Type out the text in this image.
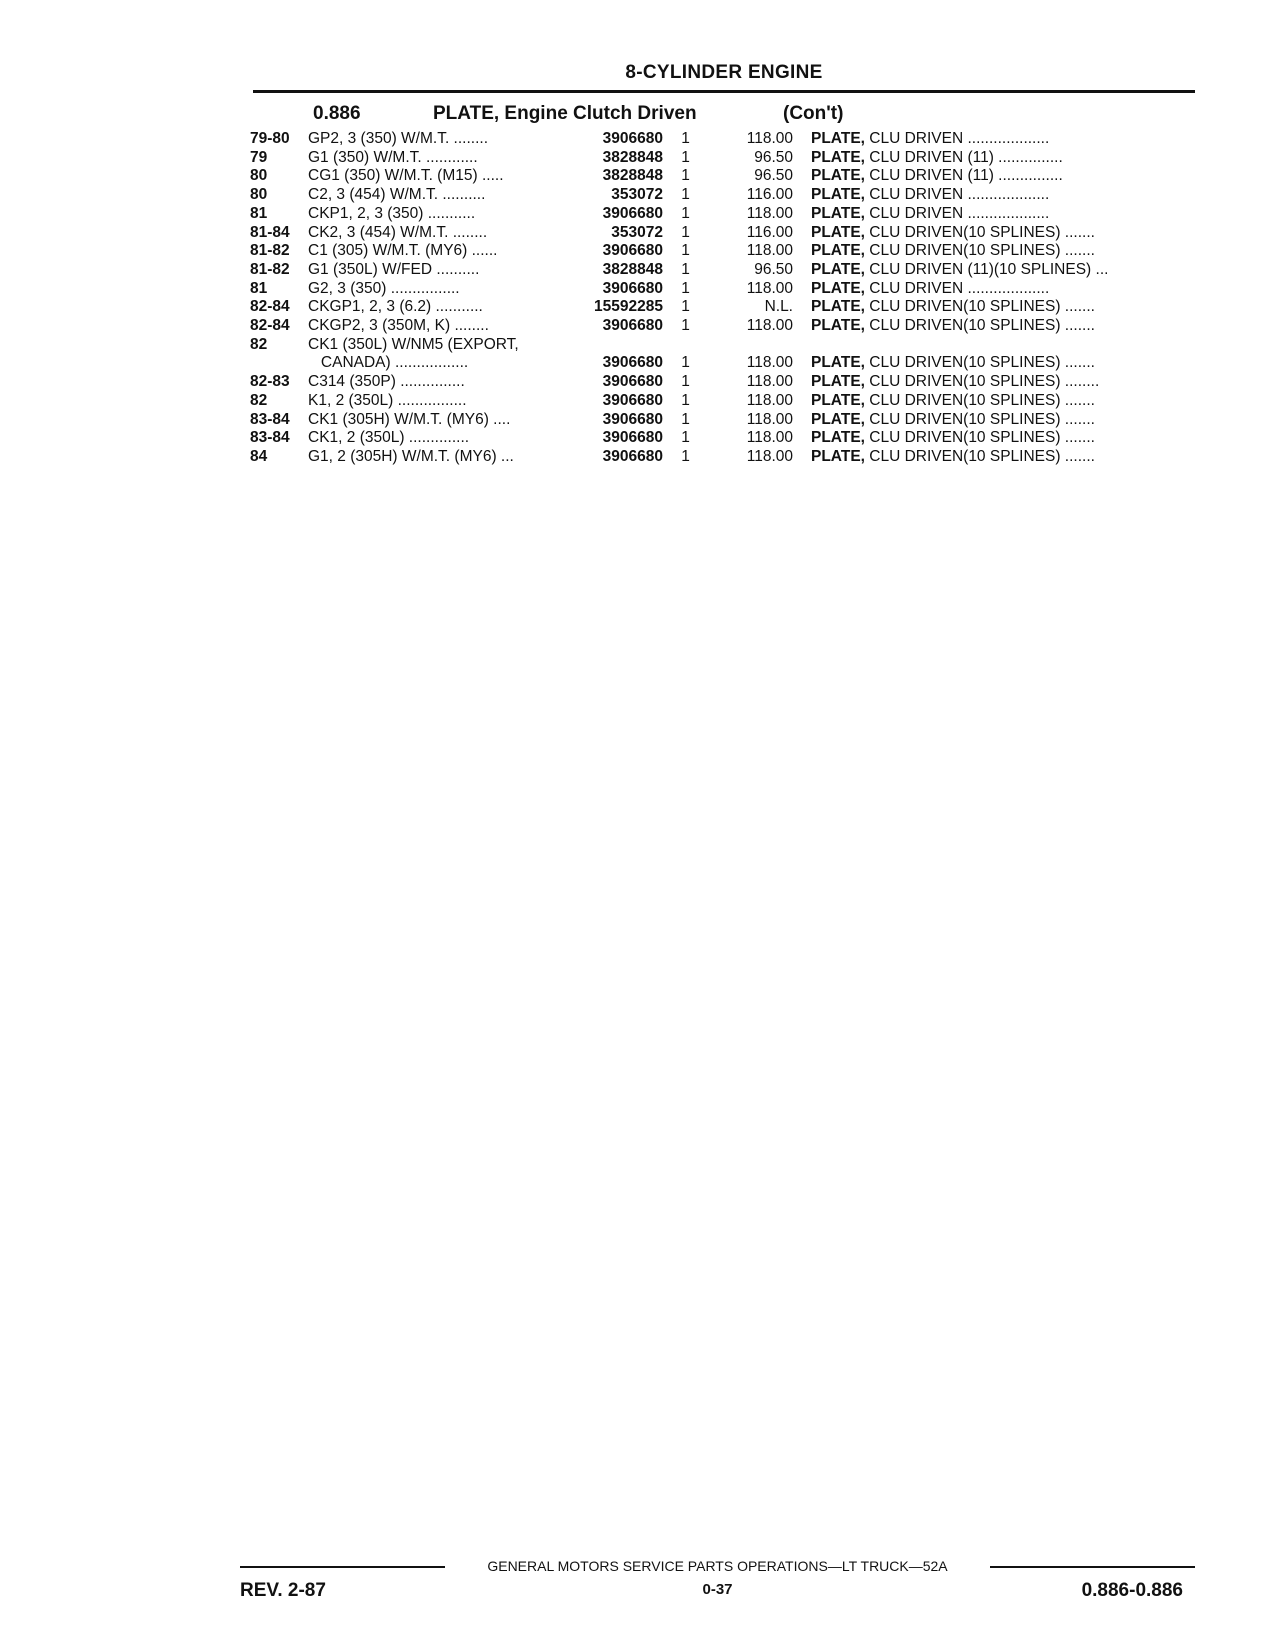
8-CYLINDER ENGINE
0.886	PLATE, Engine Clutch Driven	(Con't)
79-80	GP2, 3 (350) W/M.T. ........	3906680	1	118.00	PLATE, CLU DRIVEN ...................
79	G1 (350) W/M.T. ............	3828848	1	96.50	PLATE, CLU DRIVEN (11) ...............
80	CG1 (350) W/M.T. (M15) .....	3828848	1	96.50	PLATE, CLU DRIVEN (11) ...............
80	C2, 3 (454) W/M.T. ..........	353072	1	116.00	PLATE, CLU DRIVEN ...................
81	CKP1, 2, 3 (350) ...........	3906680	1	118.00	PLATE, CLU DRIVEN ...................
81-84	CK2, 3 (454) W/M.T. ........	353072	1	116.00	PLATE, CLU DRIVEN(10 SPLINES) .......
81-82	C1 (305) W/M.T. (MY6) ......	3906680	1	118.00	PLATE, CLU DRIVEN(10 SPLINES) .......
81-82	G1 (350L) W/FED ..........	3828848	1	96.50	PLATE, CLU DRIVEN (11)(10 SPLINES) ...
81	G2, 3 (350) ................	3906680	1	118.00	PLATE, CLU DRIVEN ...................
82-84	CKGP1, 2, 3 (6.2) ...........	15592285	1	N.L.	PLATE, CLU DRIVEN(10 SPLINES) .......
82-84	CKGP2, 3 (350M, K) ........	3906680	1	118.00	PLATE, CLU DRIVEN(10 SPLINES) .......
82	CK1 (350L) W/NM5 (EXPORT,				
	CANADA) .................	3906680	1	118.00	PLATE, CLU DRIVEN(10 SPLINES) .......
82-83	C314 (350P) ...............	3906680	1	118.00	PLATE, CLU DRIVEN(10 SPLINES) ........
82	K1, 2 (350L) ................	3906680	1	118.00	PLATE, CLU DRIVEN(10 SPLINES) .......
83-84	CK1 (305H) W/M.T. (MY6) ....	3906680	1	118.00	PLATE, CLU DRIVEN(10 SPLINES) .......
83-84	CK1, 2 (350L) ..............	3906680	1	118.00	PLATE, CLU DRIVEN(10 SPLINES) .......
84	G1, 2 (305H) W/M.T. (MY6) ...	3906680	1	118.00	PLATE, CLU DRIVEN(10 SPLINES) .......
GENERAL MOTORS SERVICE PARTS OPERATIONS—LT TRUCK—52A
REV. 2-87	0-37	0.886-0.886
